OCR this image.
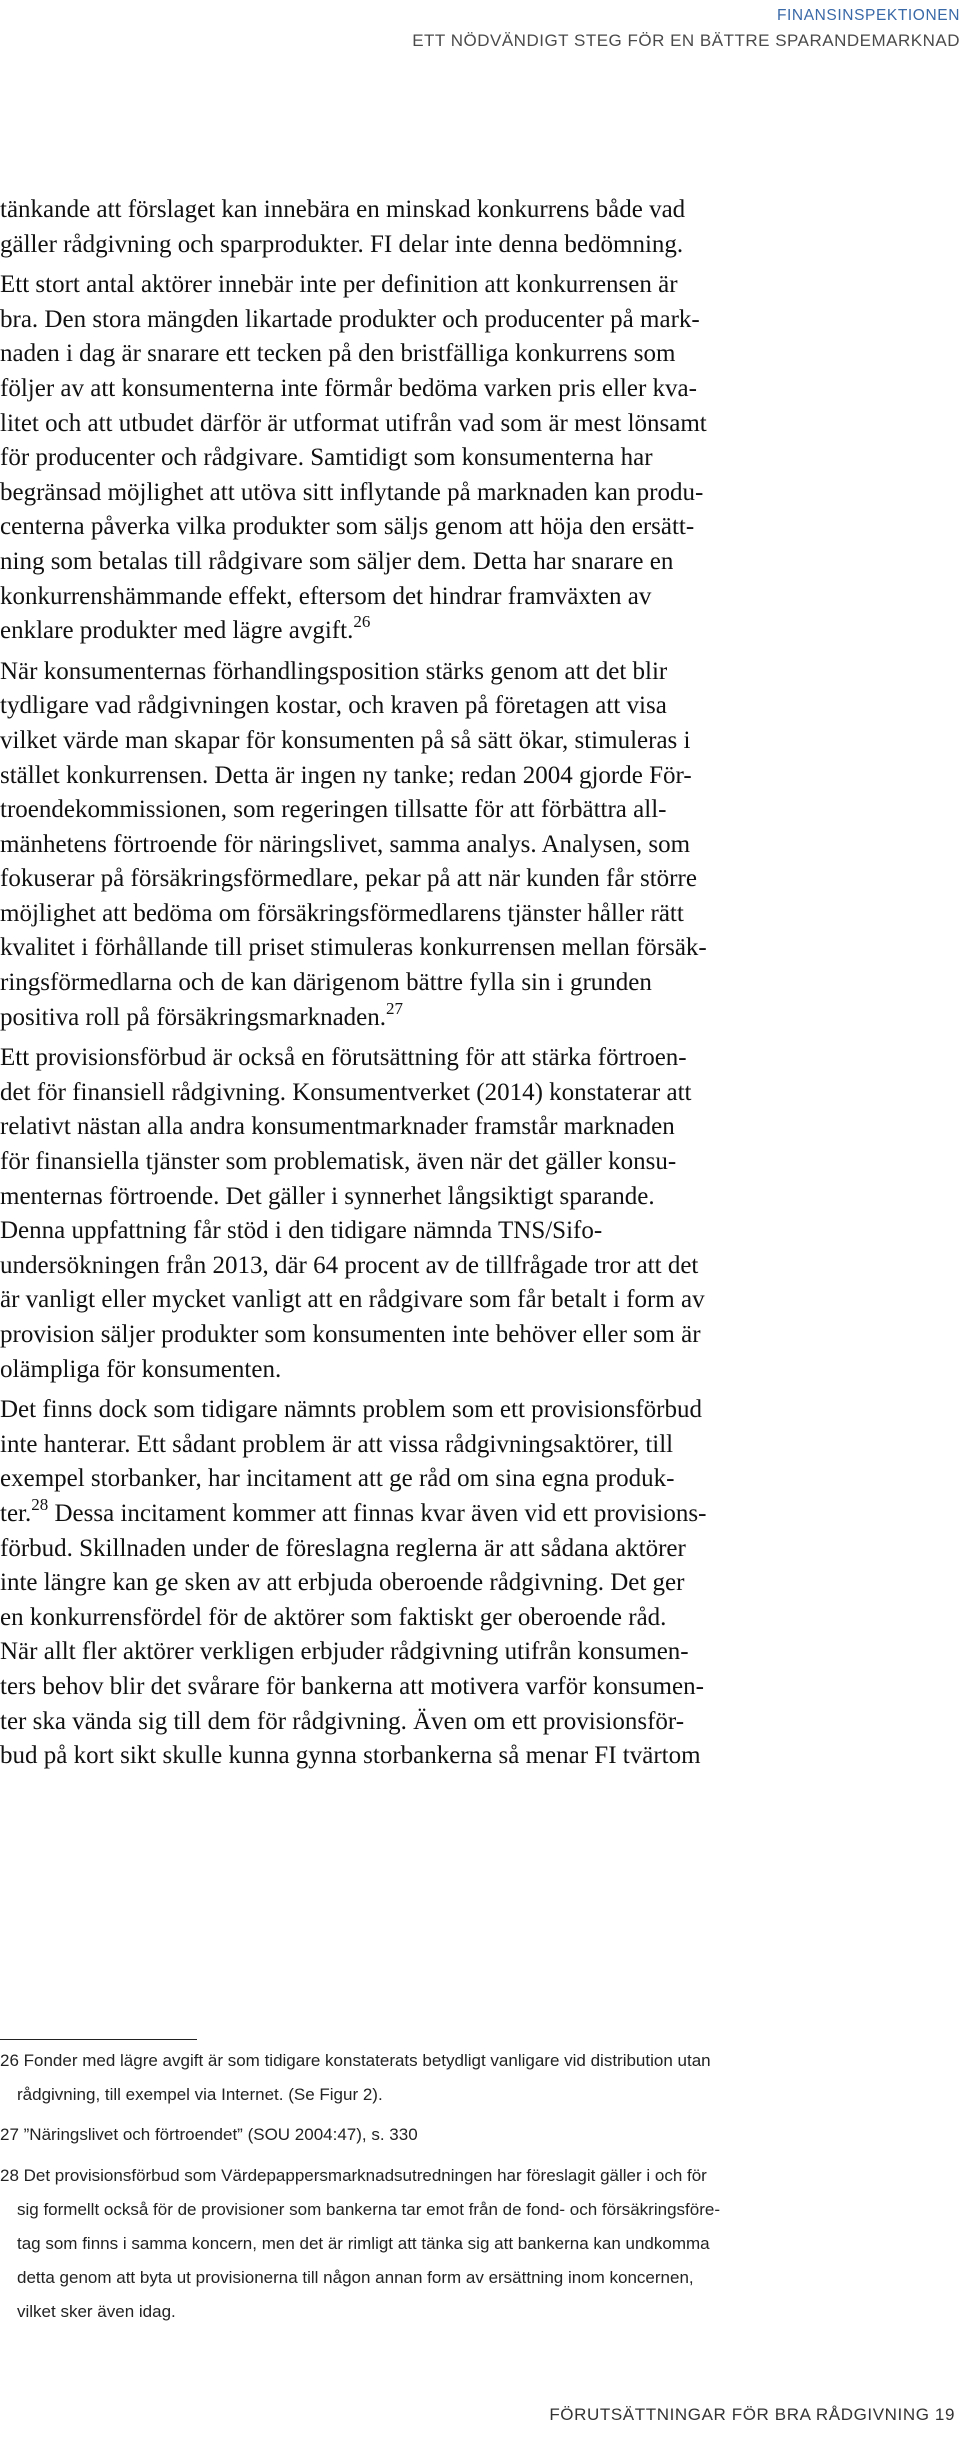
FINANSINSPEKTIONEN
ETT NÖDVÄNDIGT STEG FÖR EN BÄTTRE SPARANDEMARKNAD

tänkande att förslaget kan innebära en minskad konkurrens både vad
gäller rådgivning och sparprodukter. FI delar inte denna bedömning.

Ett stort antal aktörer innebär inte per definition att konkurrensen är
bra. Den stora mängden likartade produkter och producenter på mark-
naden i dag är snarare ett tecken på den bristfälliga konkurrens som
följer av att konsumenterna inte förmår bedöma varken pris eller kva-
litet och att utbudet därför är utformat utifrån vad som är mest lönsamt
för producenter och rådgivare. Samtidigt som konsumenterna har
begränsad möjlighet att utöva sitt inflytande på marknaden kan produ-
centerna påverka vilka produkter som säljs genom att höja den ersätt-
ning som betalas till rådgivare som säljer dem. Detta har snarare en
konkurrenshämmande effekt, eftersom det hindrar framväxten av
enklare produkter med lägre avgift.$^{26}$

När konsumenternas förhandlingsposition stärks genom att det blir
tydligare vad rådgivningen kostar, och kraven på företagen att visa
vilket värde man skapar för konsumenten på så sätt ökar, stimuleras i
stället konkurrensen. Detta är ingen ny tanke; redan 2004 gjorde För-
troendekommissionen, som regeringen tillsatte för att förbättra all-
mänhetens förtroende för näringslivet, samma analys. Analysen, som
fokuserar på försäkringsförmedlare, pekar på att när kunden får större
möjlighet att bedöma om försäkringsförmedlarens tjänster håller rätt
kvalitet i förhållande till priset stimuleras konkurrensen mellan försäk-
ringsförmedlarna och de kan därigenom bättre fylla sin i grunden
positiva roll på försäkringsmarknaden.$^{27}$

Ett provisionsförbud är också en förutsättning för att stärka förtroen-
det för finansiell rådgivning. Konsumentverket (2014) konstaterar att
relativt nästan alla andra konsumentmarknader framstår marknaden
för finansiella tjänster som problematisk, även när det gäller konsu-
menternas förtroende. Det gäller i synnerhet långsiktigt sparande.
Denna uppfattning får stöd i den tidigare nämnda TNS/Sifo-
undersökningen från 2013, där 64 procent av de tillfrågade tror att det
är vanligt eller mycket vanligt att en rådgivare som får betalt i form av
provision säljer produkter som konsumenten inte behöver eller som är
olämpliga för konsumenten.

Det finns dock som tidigare nämnts problem som ett provisionsförbud
inte hanterar. Ett sådant problem är att vissa rådgivningsaktörer, till
exempel storbanker, har incitament att ge råd om sina egna produk-
ter.$^{28}$ Dessa incitament kommer att finnas kvar även vid ett provisions-
förbud. Skillnaden under de föreslagna reglerna är att sådana aktörer
inte längre kan ge sken av att erbjuda oberoende rådgivning. Det ger
en konkurrensfördel för de aktörer som faktiskt ger oberoende råd.
När allt fler aktörer verkligen erbjuder rådgivning utifrån konsumen-
ters behov blir det svårare för bankerna att motivera varför konsumen-
ter ska vända sig till dem för rådgivning. Även om ett provisionsför-
bud på kort sikt skulle kunna gynna storbankerna så menar FI tvärtom

26 Fonder med lägre avgift är som tidigare konstaterats betydligt vanligare vid distribution utan
rådgivning, till exempel via Internet. (Se Figur 2).
27 ”Näringslivet och förtroendet” (SOU 2004:47), s. 330
28 Det provisionsförbud som Värdepappersmarknadsutredningen har föreslagit gäller i och för
sig formellt också för de provisioner som bankerna tar emot från de fond- och försäkringsföre-
tag som finns i samma koncern, men det är rimligt att tänka sig att bankerna kan undkomma
detta genom att byta ut provisionerna till någon annan form av ersättning inom koncernen,
vilket sker även idag.
FÖRUTSÄTTNINGAR FÖR BRA RÅDGIVNING 19
